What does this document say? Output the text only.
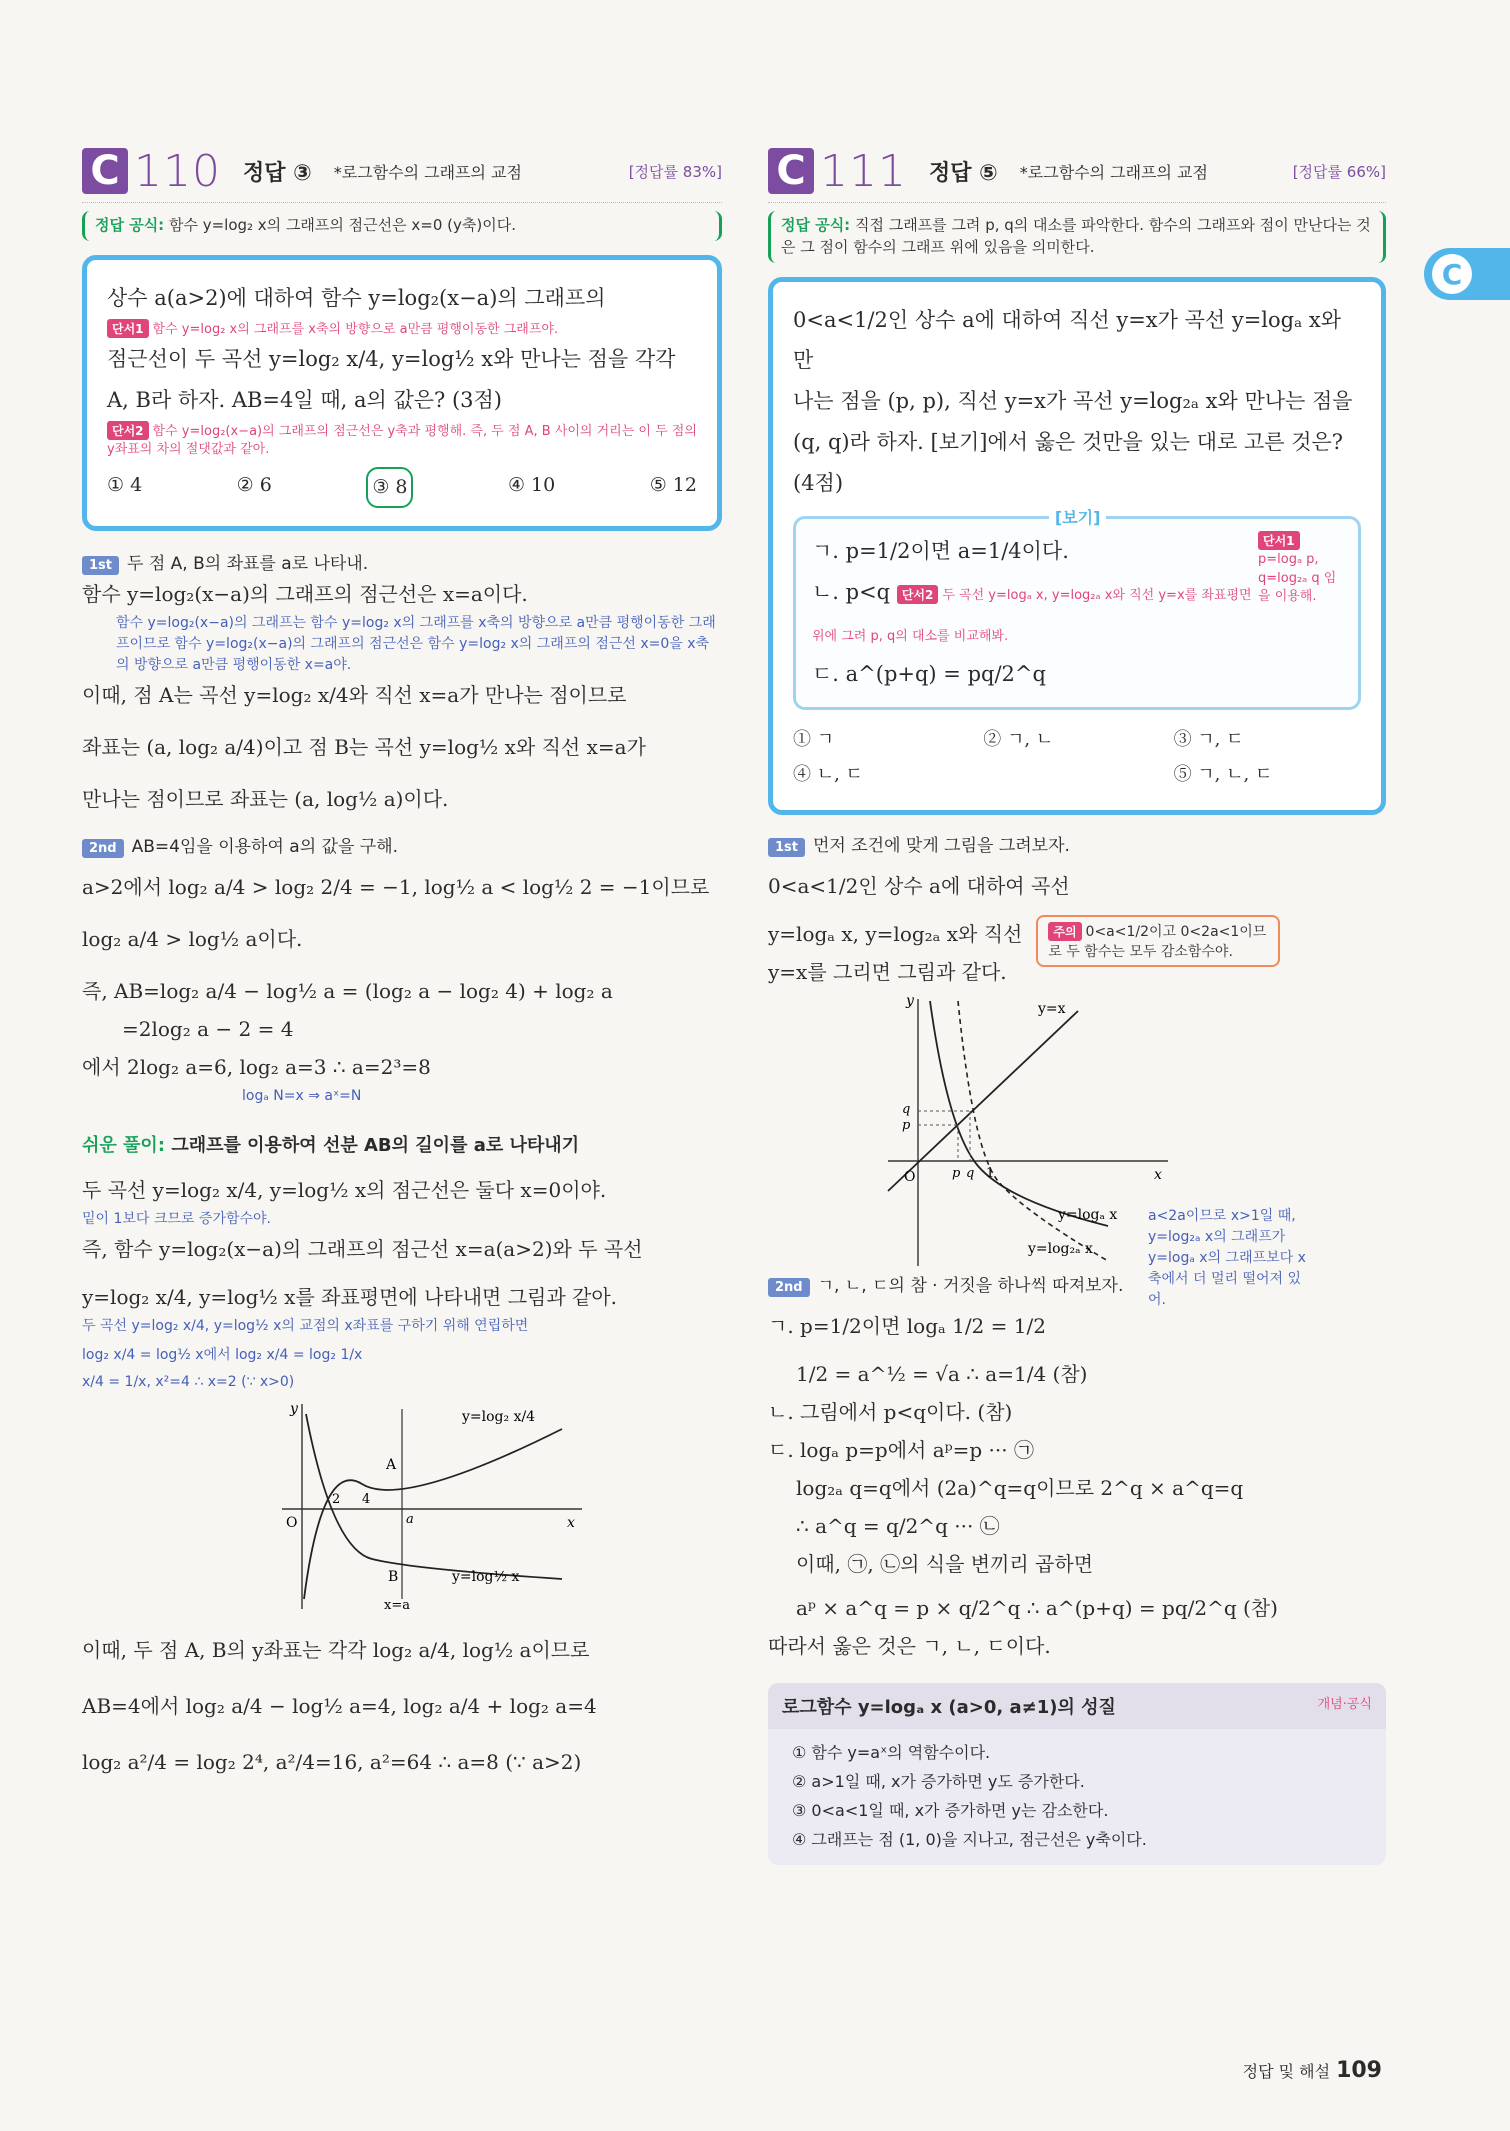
C
C 110 정답 ③ *로그함수의 그래프의 교점	[정답률 83%]
정답 공식: 함수 y=log₂ x의 그래프의 점근선은 x=0 (y축)이다.
상수 a(a>2)에 대하여 함수 y=log₂(x−a)의 그래프의
단서1 함수 y=log₂ x의 그래프를 x축의 방향으로 a만큼 평행이동한 그래프야.
점근선이 두 곡선 y=log₂ x/4, y=log½ x와 만나는 점을 각각
A, B라 하자. AB=4일 때, a의 값은? (3점)
단서2 함수 y=log₂(x−a)의 그래프의 점근선은 y축과 평행해. 즉, 두 점 A, B 사이의 거리는 이 두 점의 y좌표의 차의 절댓값과 같아.
① 4	② 6	③ 8	④ 10	⑤ 12
1st 두 점 A, B의 좌표를 a로 나타내.

함수 y=log₂(x−a)의 그래프의 점근선은 x=a이다.

함수 y=log₂(x−a)의 그래프는 함수 y=log₂ x의 그래프를 x축의 방향으로 a만큼 평행이동한 그래프이므로 함수 y=log₂(x−a)의 그래프의 점근선은 함수 y=log₂ x의 그래프의 점근선 x=0을 x축의 방향으로 a만큼 평행이동한 x=a야.

이때, 점 A는 곡선 y=log₂ x/4와 직선 x=a가 만나는 점이므로

좌표는 (a, log₂ a/4)이고 점 B는 곡선 y=log½ x와 직선 x=a가

만나는 점이므로 좌표는 (a, log½ a)이다.

2nd AB=4임을 이용하여 a의 값을 구해.

a>2에서 log₂ a/4 > log₂ 2/4 = −1, log½ a < log½ 2 = −1이므로

log₂ a/4 > log½ a이다.

즉, AB=log₂ a/4 − log½ a = (log₂ a − log₂ 4) + log₂ a

=2log₂ a − 2 = 4

에서 2log₂ a=6, log₂ a=3 ∴ a=2³=8

logₐ N=x ⇒ aˣ=N
쉬운 풀이: 그래프를 이용하여 선분 AB의 길이를 a로 나타내기

두 곡선 y=log₂ x/4, y=log½ x의 점근선은 둘다 x=0이야.

밑이 1보다 크므로 증가함수야.

즉, 함수 y=log₂(x−a)의 그래프의 점근선 x=a(a>2)와 두 곡선

y=log₂ x/4, y=log½ x를 좌표평면에 나타내면 그림과 같아.

두 곡선 y=log₂ x/4, y=log½ x의 교점의 x좌표를 구하기 위해 연립하면
log₂ x/4 = log½ x에서 log₂ x/4 = log₂ 1/x
x/4 = 1/x, x²=4 ∴ x=2 (∵ x>0)
O
y
x
2 4
a
A
B
y=log₂ x/4
y=log½ x
x=a

이때, 두 점 A, B의 y좌표는 각각 log₂ a/4, log½ a이므로

AB=4에서 log₂ a/4 − log½ a=4, log₂ a/4 + log₂ a=4

log₂ a²/4 = log₂ 2⁴, a²/4=16, a²=64 ∴ a=8 (∵ a>2)

C 111 정답 ⑤ *로그함수의 그래프의 교점	[정답률 66%]
정답 공식: 직접 그래프를 그려 p, q의 대소를 파악한다. 함수의 그래프와 점이 만난다는 것은 그 점이 함수의 그래프 위에 있음을 의미한다.
0<a<1/2인 상수 a에 대하여 직선 y=x가 곡선 y=logₐ x와 만
나는 점을 (p, p), 직선 y=x가 곡선 y=log₂ₐ x와 만나는 점을
(q, q)라 하자. [보기]에서 옳은 것만을 있는 대로 고른 것은? (4점)
[보기]
ㄱ. p=1/2이면 a=1/4이다.
ㄴ. p<q 단서2 두 곡선 y=logₐ x, y=log₂ₐ x와 직선 y=x를 좌표평면 위에 그려 p, q의 대소를 비교해봐.
ㄷ. a^(p+q) = pq/2^q
단서1
p=logₐ p, q=log₂ₐ q 임을 이용해.
① ㄱ	② ㄱ, ㄴ	③ ㄱ, ㄷ
④ ㄴ, ㄷ	⑤ ㄱ, ㄴ, ㄷ
1st 먼저 조건에 맞게 그림을 그려보자.

0<a<1/2인 상수 a에 대하여 곡선

y=logₐ x, y=log₂ₐ x와 직선

y=x를 그리면 그림과 같다.

주의 0<a<1/2이고 0<2a<1이므로 두 함수는 모두 감소함수야.
O
y
x
p
q
p q 1
y=x
y=logₐ x
y=log₂ₐ x
a<2a이므로 x>1일 때, y=log₂ₐ x의 그래프가 y=logₐ x의 그래프보다 x축에서 더 멀리 떨어져 있어.
2nd ㄱ, ㄴ, ㄷ의 참 · 거짓을 하나씩 따져보자.

ㄱ. p=1/2이면 logₐ 1/2 = 1/2

1/2 = a^½ = √a ∴ a=1/4 (참)

ㄴ. 그림에서 p<q이다. (참)

ㄷ. logₐ p=p에서 aᵖ=p ··· ㉠

log₂ₐ q=q에서 (2a)^q=q이므로 2^q × a^q=q

∴ a^q = q/2^q ··· ㉡

이때, ㉠, ㉡의 식을 변끼리 곱하면

aᵖ × a^q = p × q/2^q ∴ a^(p+q) = pq/2^q (참)

따라서 옳은 것은 ㄱ, ㄴ, ㄷ이다.

로그함수 y=logₐ x (a>0, a≠1)의 성질	개념·공식
① 함수 y=aˣ의 역함수이다.
② a>1일 때, x가 증가하면 y도 증가한다.
③ 0<a<1일 때, x가 증가하면 y는 감소한다.
④ 그래프는 점 (1, 0)을 지나고, 점근선은 y축이다.
정답 및 해설 109
